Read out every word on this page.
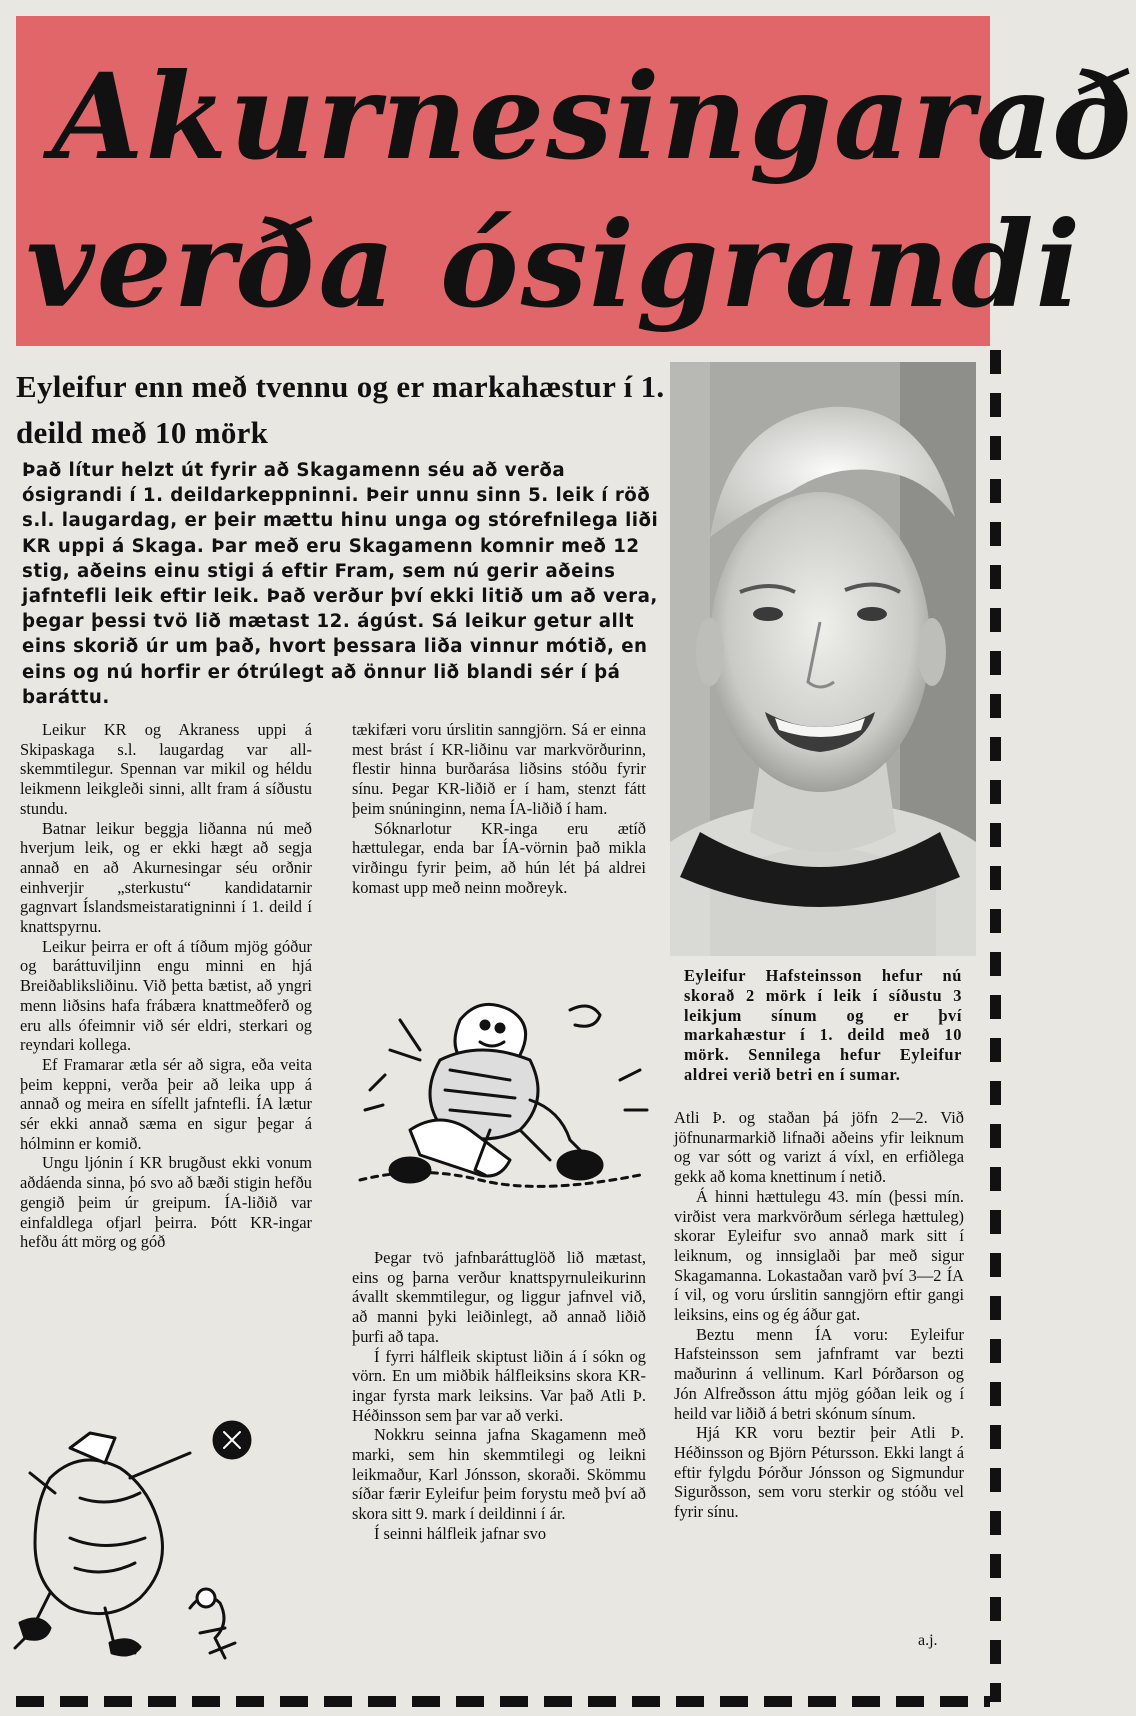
Akurnesingarað
verða ósigrandi
Eyleifur enn með tvennu og er markahæstur í 1. deild með 10 mörk
Það lítur helzt út fyrir að Skagamenn séu að verða ósigrandi í 1. deildarkeppninni. Þeir unnu sinn 5. leik í röð s.l. laugardag, er þeir mættu hinu unga og stórefnilega liði KR uppi á Skaga. Þar með eru Skagamenn komnir með 12 stig, aðeins einu stigi á eftir Fram, sem nú gerir aðeins jafntefli leik eftir leik. Það verður því ekki litið um að vera, þegar þessi tvö lið mætast 12. ágúst. Sá leikur getur allt eins skorið úr um það, hvort þessara liða vinnur mótið, en eins og nú horfir er ótrúlegt að önnur lið blandi sér í þá baráttu.

Leikur KR og Akraness uppi á Skipaskaga s.l. laugardag var all-skemmtilegur. Spennan var mikil og héldu leikmenn leikgleði sinni, allt fram á síðustu stundu.

Batnar leikur beggja liðanna nú með hverjum leik, og er ekki hægt að segja annað en að Akurnesingar séu orðnir einhverjir „sterkustu“ kandidatarnir gagnvart Íslandsmeistaratigninni í 1. deild í knattspyrnu.

Leikur þeirra er oft á tíðum mjög góður og baráttuviljinn engu minni en hjá Breiðabliksliðinu. Við þetta bætist, að yngri menn liðsins hafa frábæra knattmeðferð og eru alls ófeimnir við sér eldri, sterkari og reyndari kollega.

Ef Framarar ætla sér að sigra, eða veita þeim keppni, verða þeir að leika upp á annað og meira en sífellt jafntefli. ÍA lætur sér ekki annað sæma en sigur þegar á hólminn er komið.

Ungu ljónin í KR brugðust ekki vonum aðdáenda sinna, þó svo að bæði stigin hefðu gengið þeim úr greipum. ÍA-liðið var einfaldlega ofjarl þeirra. Þótt KR-ingar hefðu átt mörg og góð

tækifæri voru úrslitin sanngjörn. Sá er einna mest brást í KR-liðinu var markvörðurinn, flestir hinna burðarása liðsins stóðu fyrir sínu. Þegar KR-liðið er í ham, stenzt fátt þeim snúninginn, nema ÍA-liðið í ham.

Sóknarlotur KR-inga eru ætíð hættulegar, enda bar ÍA-vörnin það mikla virðingu fyrir þeim, að hún lét þá aldrei komast upp með neinn moðreyk.

Þegar tvö jafnbaráttuglöð lið mætast, eins og þarna verður knattspyrnuleikurinn ávallt skemmtilegur, og liggur jafnvel við, að manni þyki leiðinlegt, að annað liðið þurfi að tapa.

Í fyrri hálfleik skiptust liðin á í sókn og vörn. En um miðbik hálfleiksins skora KR-ingar fyrsta mark leiksins. Var það Atli Þ. Héðinsson sem þar var að verki.

Nokkru seinna jafna Skagamenn með marki, sem hin skemmtilegi og leikni leikmaður, Karl Jónsson, skoraði. Skömmu síðar færir Eyleifur þeim forystu með því að skora sitt 9. mark í deildinni í ár.

Í seinni hálfleik jafnar svo

Eyleifur Hafsteinsson hefur nú skorað 2 mörk í leik í síðustu 3 leikjum sínum og er því markahæstur í 1. deild með 10 mörk. Sennilega hefur Eyleifur aldrei verið betri en í sumar.

Atli Þ. og staðan þá jöfn 2—2. Við jöfnunarmarkið lifnaði aðeins yfir leiknum og var sótt og varizt á víxl, en erfiðlega gekk að koma knettinum í netið.

Á hinni hættulegu 43. mín (þessi mín. virðist vera markvörðum sérlega hættuleg) skorar Eyleifur svo annað mark sitt í leiknum, og innsiglaði þar með sigur Skagamanna. Lokastaðan varð því 3—2 ÍA í vil, og voru úrslitin sanngjörn eftir gangi leiksins, eins og ég áður gat.

Beztu menn ÍA voru: Eyleifur Hafsteinsson sem jafnframt var bezti maðurinn á vellinum. Karl Þórðarson og Jón Alfreðsson áttu mjög góðan leik og í heild var liðið á betri skónum sínum.

Hjá KR voru beztir þeir Atli Þ. Héðinsson og Björn Pétursson. Ekki langt á eftir fylgdu Þórður Jónsson og Sigmundur Sigurðsson, sem voru sterkir og stóðu vel fyrir sínu.

a.j.
